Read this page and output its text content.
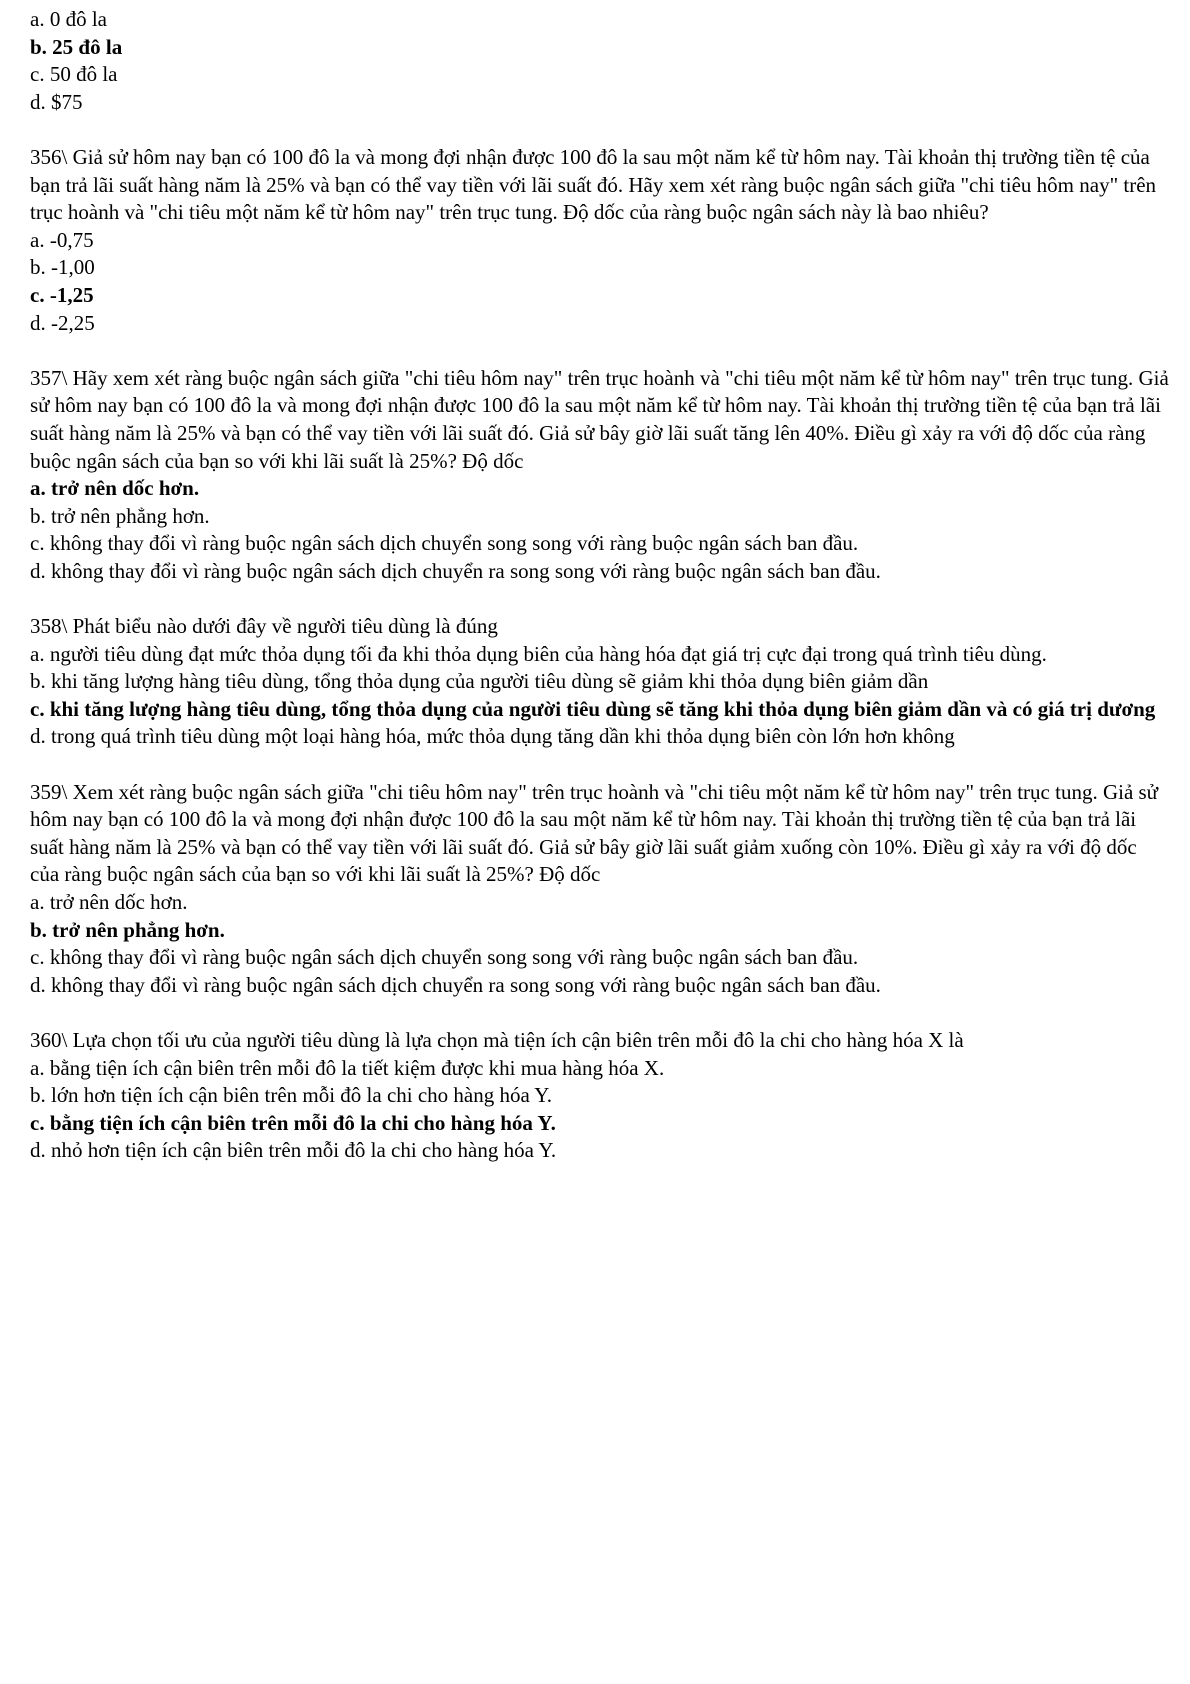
a. 0 đô la

b. 25 đô la

c. 50 đô la

d. $75

356\ Giả sử hôm nay bạn có 100 đô la và mong đợi nhận được 100 đô la sau một năm kể từ hôm nay. Tài khoản thị trường tiền tệ của bạn trả lãi suất hàng năm là 25% và bạn có thể vay tiền với lãi suất đó. Hãy xem xét ràng buộc ngân sách giữa "chi tiêu hôm nay" trên trục hoành và "chi tiêu một năm kể từ hôm nay" trên trục tung. Độ dốc của ràng buộc ngân sách này là bao nhiêu?

a. -0,75

b. -1,00

c. -1,25

d. -2,25

357\ Hãy xem xét ràng buộc ngân sách giữa "chi tiêu hôm nay" trên trục hoành và "chi tiêu một năm kể từ hôm nay" trên trục tung. Giả sử hôm nay bạn có 100 đô la và mong đợi nhận được 100 đô la sau một năm kể từ hôm nay. Tài khoản thị trường tiền tệ của bạn trả lãi suất hàng năm là 25% và bạn có thể vay tiền với lãi suất đó. Giả sử bây giờ lãi suất tăng lên 40%. Điều gì xảy ra với độ dốc của ràng buộc ngân sách của bạn so với khi lãi suất là 25%? Độ dốc

a. trở nên dốc hơn.

b. trở nên phẳng hơn.

c. không thay đổi vì ràng buộc ngân sách dịch chuyển song song với ràng buộc ngân sách ban đầu.

d. không thay đổi vì ràng buộc ngân sách dịch chuyển ra song song với ràng buộc ngân sách ban đầu.

358\ Phát biểu nào dưới đây về người tiêu dùng là đúng

a. người tiêu dùng đạt mức thỏa dụng tối đa khi thỏa dụng biên của hàng hóa đạt giá trị cực đại trong quá trình tiêu dùng.

b. khi tăng lượng hàng tiêu dùng, tổng thỏa dụng của người tiêu dùng sẽ giảm khi thỏa dụng biên giảm dần

c. khi tăng lượng hàng tiêu dùng, tổng thỏa dụng của người tiêu dùng sẽ tăng khi thỏa dụng biên giảm dần và có giá trị dương

d. trong quá trình tiêu dùng một loại hàng hóa, mức thỏa dụng tăng dần khi thỏa dụng biên còn lớn hơn không

359\ Xem xét ràng buộc ngân sách giữa "chi tiêu hôm nay" trên trục hoành và "chi tiêu một năm kể từ hôm nay" trên trục tung. Giả sử hôm nay bạn có 100 đô la và mong đợi nhận được 100 đô la sau một năm kể từ hôm nay. Tài khoản thị trường tiền tệ của bạn trả lãi suất hàng năm là 25% và bạn có thể vay tiền với lãi suất đó. Giả sử bây giờ lãi suất giảm xuống còn 10%. Điều gì xảy ra với độ dốc của ràng buộc ngân sách của bạn so với khi lãi suất là 25%? Độ dốc

a. trở nên dốc hơn.

b. trở nên phẳng hơn.

c. không thay đổi vì ràng buộc ngân sách dịch chuyển song song với ràng buộc ngân sách ban đầu.

d. không thay đổi vì ràng buộc ngân sách dịch chuyển ra song song với ràng buộc ngân sách ban đầu.

360\ Lựa chọn tối ưu của người tiêu dùng là lựa chọn mà tiện ích cận biên trên mỗi đô la chi cho hàng hóa X là

a. bằng tiện ích cận biên trên mỗi đô la tiết kiệm được khi mua hàng hóa X.

b. lớn hơn tiện ích cận biên trên mỗi đô la chi cho hàng hóa Y.

c. bằng tiện ích cận biên trên mỗi đô la chi cho hàng hóa Y.

d. nhỏ hơn tiện ích cận biên trên mỗi đô la chi cho hàng hóa Y.
